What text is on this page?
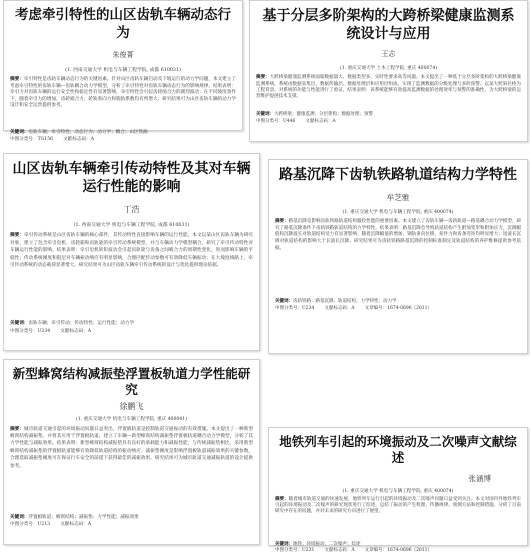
考虑牵引特性的山区齿轨车辆动态行为

朱俊菁

(1. 西南交通大学 机电与车辆工程学院, 成都 610031)

摘要：牵引特性是齿轨车辆动态行为的关键因素。针对山区齿轨车辆启动及下坡运行的动力学问题，本文建立了考虑牵引特性的齿轨车辆—齿轨耦合动力学模型，分析了牵引特性对齿轨车辆动态行为的影响规律。结果表明：牵引力对齿轨车辆的运行安全性和稳定性有显著影响，牵引特性会引起齿轮啮合力的剧烈波动；在不同坡度条件下，随着牵引力的增加，齿轮啮合力、轮轨垂向力和脱轨系数均有所增大；研究结果可为山区齿轨车辆的动力学设计和安全运营提供参考。

关键词：齿轨车辆；牵引特性；动态行为；动力学；耦合；山区铁路

中图分类号：TG156 文献标志码：A

基于分层多阶架构的大跨桥梁健康监测系统设计与应用

王志

(1. 重庆交通大学 土木工程学院, 重庆 400074)

摘要：大跨桥梁健康监测系统面临数据量大、数据类型多、实时性要求高等问题。本文提出了一种基于分层多阶架构的大跨桥梁健康监测系统，系统由数据采集层、数据传输层、数据处理层和应用层组成，实现了监测数据的分级处理与多阶预警。以某大跨斜拉桥为工程背景，对系统的功能与性能进行了验证，结果表明：该系统能够有效提高监测数据的处理效率与预警的准确性，为大跨桥梁的运营维护提供技术支撑。

关键词：大跨桥梁；健康监测；分层架构；数据处理；预警

中图分类号：U446 文献标志码：A

山区齿轨车辆牵引传动特性及其对车辆运行性能的影响

丁浩

(1. 西南交通大学 机电与车辆工程学院, 成都 610031)

摘要：牵引传动系统是山区齿轨车辆的核心部件，其传动特性直接影响车辆的运行性能。本文以某山区齿轨车辆为研究对象，建立了包含牵引电机、齿轮箱和齿轨轮的牵引传动系统模型，并与车辆动力学模型耦合，研究了牵引传动特性对车辆运行性能的影响。结果表明：牵引电机转矩波动会引起齿轨轮与齿条之间啮合力的周期性变化，进而影响车辆的平稳性；传动系统刚度和阻尼对车辆振动响应有明显影响，合理匹配传动参数可有效降低车辆振动；在大坡度线路上，牵引传动系统的动态载荷显著增大。研究结果可为山区齿轨车辆牵引传动系统的设计与优化提供理论依据。

关键词：齿轨车辆；牵引传动；传动特性；运行性能；动力学

中图分类号：U234 文献标志码：A

路基沉降下齿轨铁路轨道结构力学特性

牟芝雅

(1. 重庆交通大学 机电与车辆工程学院, 重庆 400074)

摘要：路基沉降是影响齿轨铁路轨道结构服役性能的重要因素。本文建立了齿轨车辆—齿轨轨道—路基耦合动力学模型，研究了路基沉降条件下齿轨铁路轨道结构的力学特性。结果表明：路基沉降会导致轨道结构产生附加变形和附加应力，沉降幅值和沉降波长对轨道结构受力有显著影响；随着沉降幅值的增加，钢轨垂向位移、扣件力和齿条弯矩均明显增大；短波长沉降对轨道结构的影响大于长波长沉降。研究结果可为齿轨铁路路基沉降的控制标准制定及轨道结构的养护维修提供参考依据。

关键词：齿轨铁路；路基沉降；轨道结构；力学特性；动力学

中图分类号：U234 文献标志码：A 文章编号：1674-0696（2011）

新型蜂窝结构减振垫浮置板轨道力学性能研究

徐鹏飞

(1. 重庆交通大学 机电与车辆工程学院, 重庆 400041)

摘要：城市轨道交通引起的环境振动问题日益突出，浮置板轨道是控制轨道交通振动的有效措施。本文提出了一种新型蜂窝结构减振垫，并将其应用于浮置板轨道，建立了车辆—新型蜂窝结构减振垫浮置板轨道耦合动力学模型，分析了其力学性能与减振效果。结果表明：新型蜂窝结构减振垫具有良好的承载能力和减振性能，与传统减振垫相比，采用新型蜂窝结构减振垫的浮置板轨道能够有效降低轨道结构的振动响应；减振垫刚度是影响浮置板轨道减振效果的关键参数，合理选取减振垫刚度可在保证行车安全的前提下获得最佳的减振效果。研究结果可为城市轨道交通减振轨道的设计提供参考。

关键词：浮置板轨道；蜂窝结构；减振垫；力学性能；减振效果

中图分类号：U213 文献标志码：A

地铁列车引起的环境振动及二次噪声文献综述

张涵博

(1. 重庆交通大学 机电与车辆工程学院, 重庆 400074)

摘要：随着城市轨道交通的快速发展，地铁列车运行引起的环境振动及二次噪声问题日益受到关注。本文对国内外地铁列车引起的环境振动及二次噪声的研究现状进行了综述，总结了振动的产生机理、传播规律、预测方法和控制措施，分析了目前研究中存在的问题，并对未来的研究方向进行了展望。

关键词：地铁；环境振动；二次噪声；综述

中图分类号：U231 文献标志码：A 文章编号：1674-0696（2011）
